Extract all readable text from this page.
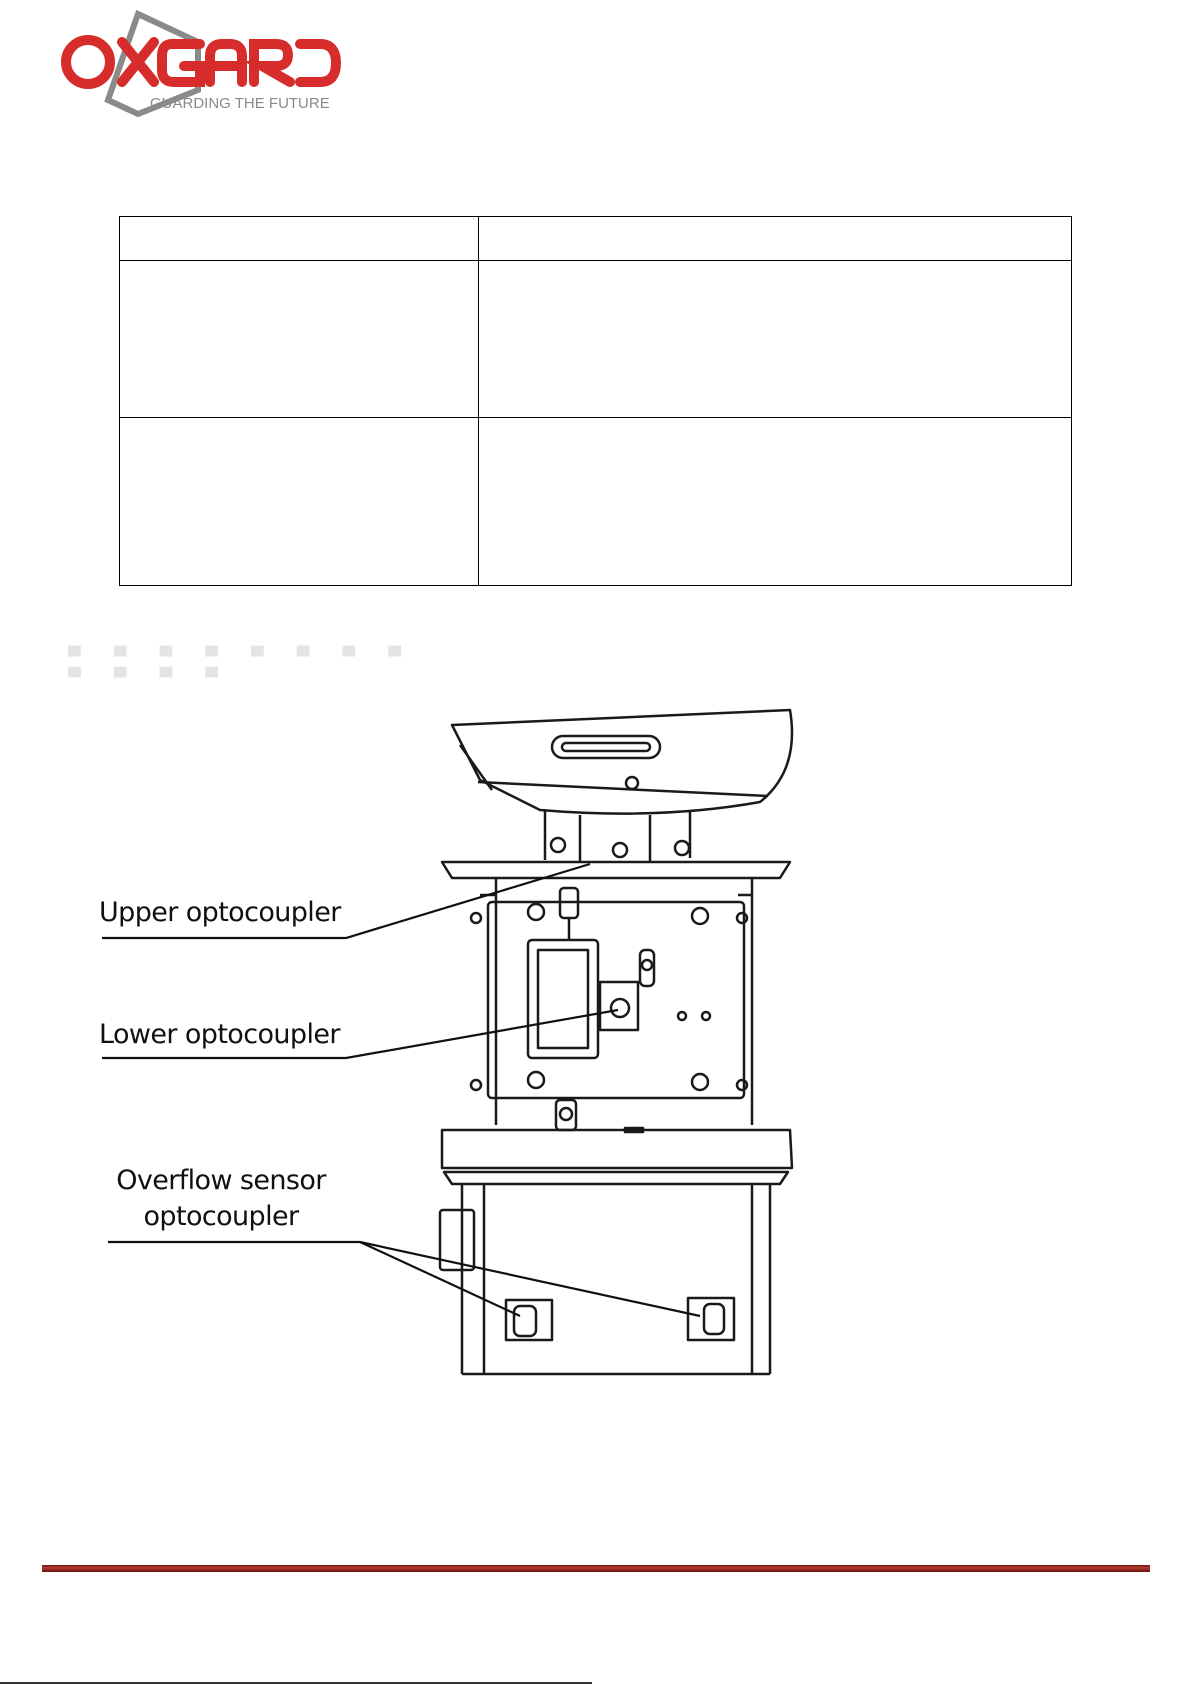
GUARDING THE FUTURE

▀ ▀ ▀ ▀ ▀ ▀ ▀ ▀ ▀ ▀ ▀ ▀
Upper optocoupler
Lower optocoupler
Overflow sensor
optocoupler
